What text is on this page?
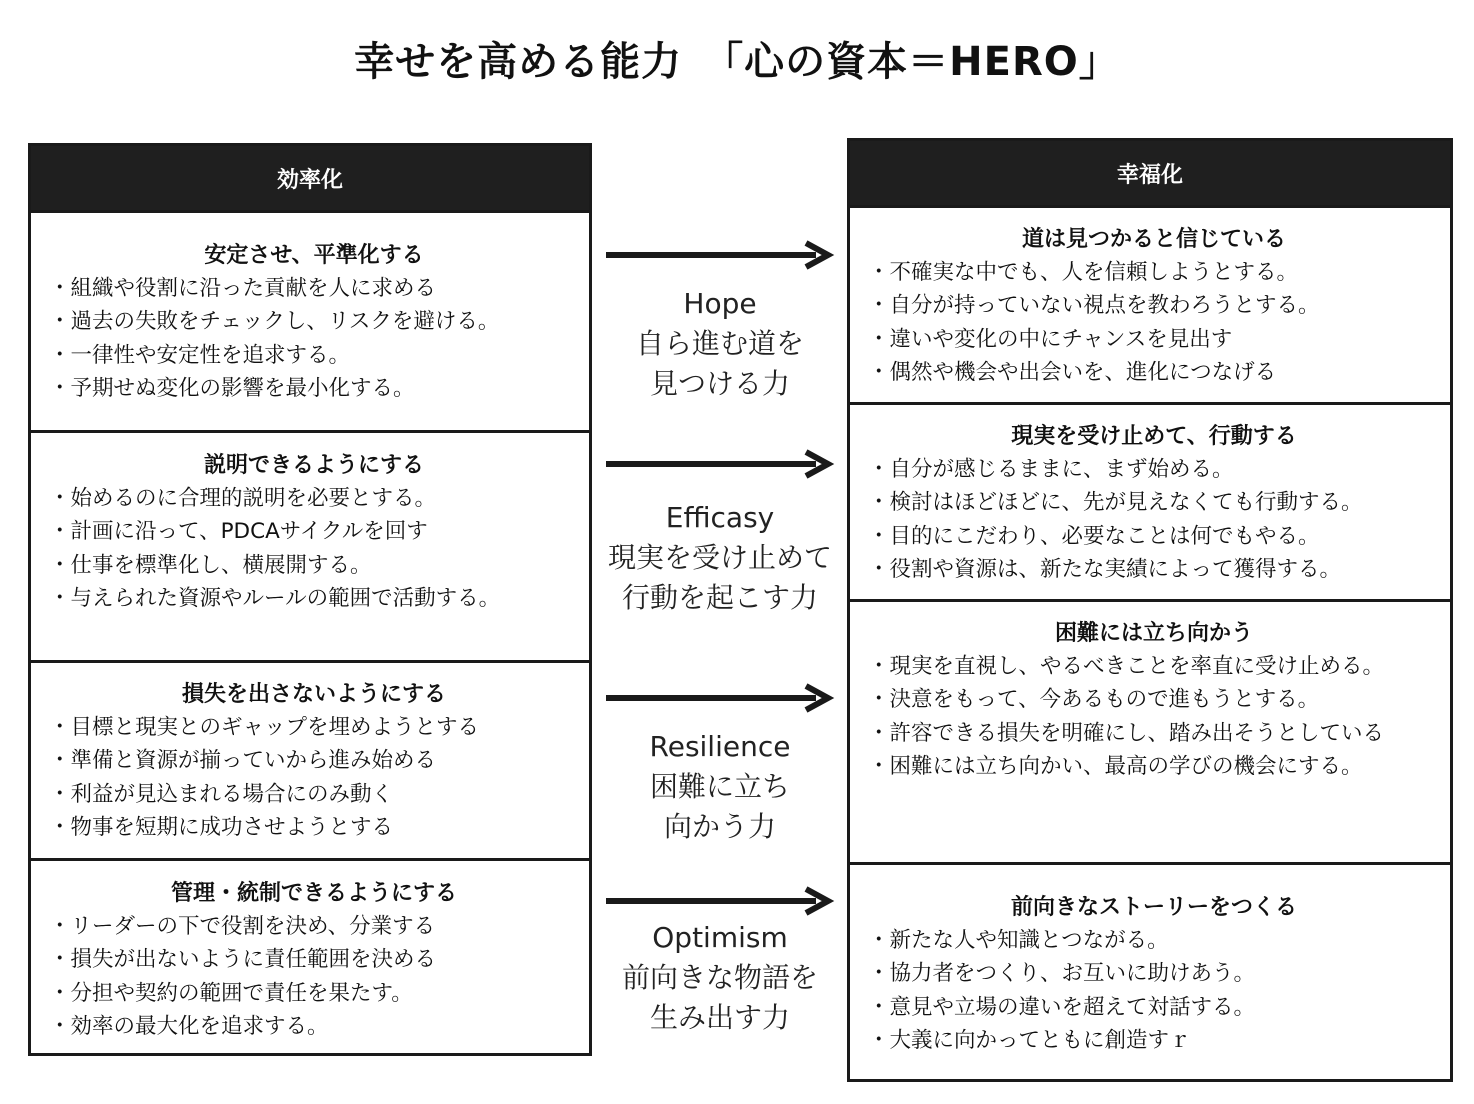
幸せを高める能力　「心の資本＝HERO」
効率化
安定させ、平準化する
・組織や役割に沿った貢献を人に求める
・過去の失敗をチェックし、リスクを避ける。
・一律性や安定性を追求する。
・予期せぬ変化の影響を最小化する。
説明できるようにする
・始めるのに合理的説明を必要とする。
・計画に沿って、PDCAサイクルを回す
・仕事を標準化し、横展開する。
・与えられた資源やルールの範囲で活動する。
損失を出さないようにする
・目標と現実とのギャップを埋めようとする
・準備と資源が揃っていから進み始める
・利益が見込まれる場合にのみ動く
・物事を短期に成功させようとする
管理・統制できるようにする
・リーダーの下で役割を決め、分業する
・損失が出ないように責任範囲を決める
・分担や契約の範囲で責任を果たす。
・効率の最大化を追求する。
Hope
自ら進む道を
見つける力
Efficasy
現実を受け止めて
行動を起こす力
Resilience
困難に立ち
向かう力
Optimism
前向きな物語を
生み出す力
幸福化
道は見つかると信じている
・不確実な中でも、人を信頼しようとする。
・自分が持っていない視点を教わろうとする。
・違いや変化の中にチャンスを見出す
・偶然や機会や出会いを、進化につなげる
現実を受け止めて、行動する
・自分が感じるままに、まず始める。
・検討はほどほどに、先が見えなくても行動する。
・目的にこだわり、必要なことは何でもやる。
・役割や資源は、新たな実績によって獲得する。
困難には立ち向かう
・現実を直視し、やるべきことを率直に受け止める。
・決意をもって、今あるもので進もうとする。
・許容できる損失を明確にし、踏み出そうとしている
・困難には立ち向かい、最高の学びの機会にする。
前向きなストーリーをつくる
・新たな人や知識とつながる。
・協力者をつくり、お互いに助けあう。
・意見や立場の違いを超えて対話する。
・大義に向かってともに創造すｒ
